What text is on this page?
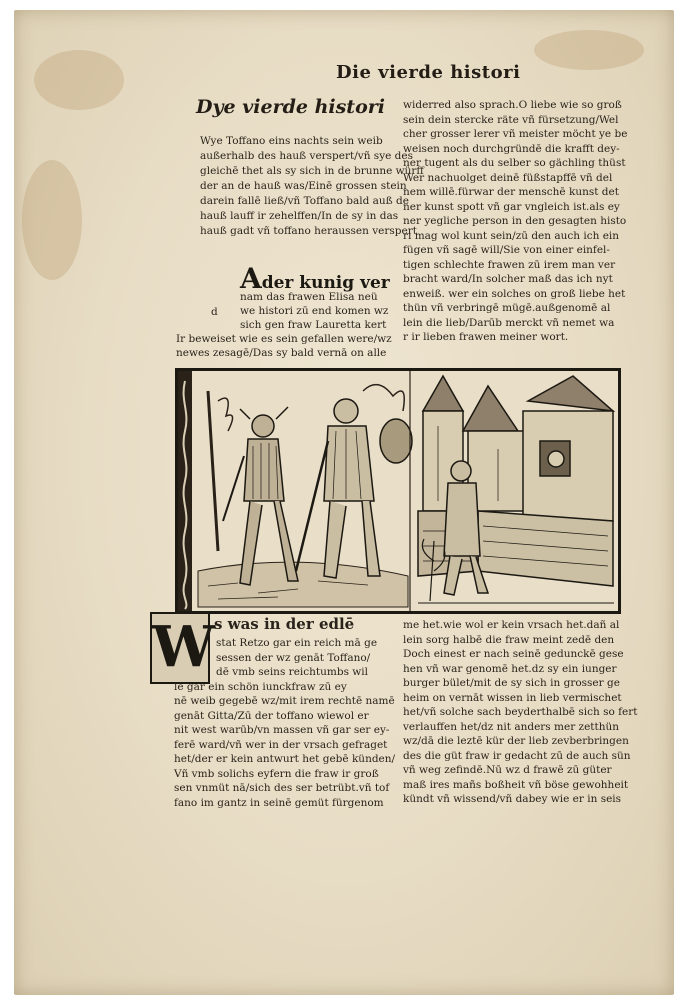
Die vierde histori
Dye vierde histori
Wye Toffano eins nachts sein weib
außerhalb des hauß verspert/vñ sye des
gleichē thet als sy sich in de brunne würff
der an de hauß was/Einē grossen stein
darein fallē ließ/vñ Toffano bald auß de
hauß lauff ir zehelffen/In de sy in das
hauß gadt vñ toffano heraussen verspert
Ader kunig ver
d
nam das frawen Elisa neü
we histori zū end komen wz
sich gen fraw Lauretta kert
Ir beweiset wie es sein gefallen were/wz
newes zesagē/Das sy bald vernā on alle
widerred also sprach.O liebe wie so groß
sein dein stercke räte vñ fürsetzung/Wel
cher grosser lerer vñ meister möcht ye be
weisen noch durchgründē die krafft dey-
ner tugent als du selber so gächling thüst
Wer nachuolget deinē füßstapffē vñ del
nem willē.fürwar der menschē kunst det
ner kunst spott vñ gar vngleich ist.als ey
ner yegliche person in den gesagten histo
ri mag wol kunt sein/zū den auch ich ein
fügen vñ sagē will/Sie von einer einfel-
tigen schlechte frawen zū irem man ver
bracht ward/In solcher maß das ich nyt
enweiß. wer ein solches on groß liebe het
thün vñ verbringē mügē.außgenomē al
lein die lieb/Darūb merckt vñ nemet wa
r ir lieben frawen meiner wort.
W s was in der edlē
stat Retzo gar ein reich mā ge
sessen der wz genāt Toffano/
dē vmb seins reichtumbs wil
lē gar ein schön iunckfraw zū ey
nē weib gegebē wz/mit irem rechtē namē
genāt Gitta/Zū der toffano wiewol er
nit west warūb/vn massen vñ gar ser ey-
ferē ward/vñ wer in der vrsach gefraget
het/der er kein antwurt het gebē künden/
Vñ vmb solichs eyfern die fraw ir groß
sen vnmüt nā/sich des ser betrübt.vñ tof
fano im gantz in seinē gemüt fürgenom
me het.wie wol er kein vrsach het.dañ al
lein sorg halbē die fraw meint zedē den
Doch einest er nach seinē gedunckē gese
hen vñ war genomē het.dz sy ein iunger
burger bület/mit de sy sich in grosser ge
heim on vernāt wissen in lieb vermischet
het/vñ solche sach beyderthalbē sich so fert
verlauffen het/dz nit anders mer zetthün
wz/dā die leztē kür der lieb zevberbringen
des die güt fraw ir gedacht zū de auch sün
vñ weg zefindē.Nū wz d frawē zū güter
maß ires mañs boßheit vñ böse gewohheit
kündt vñ wissend/vñ dabey wie er in seis
